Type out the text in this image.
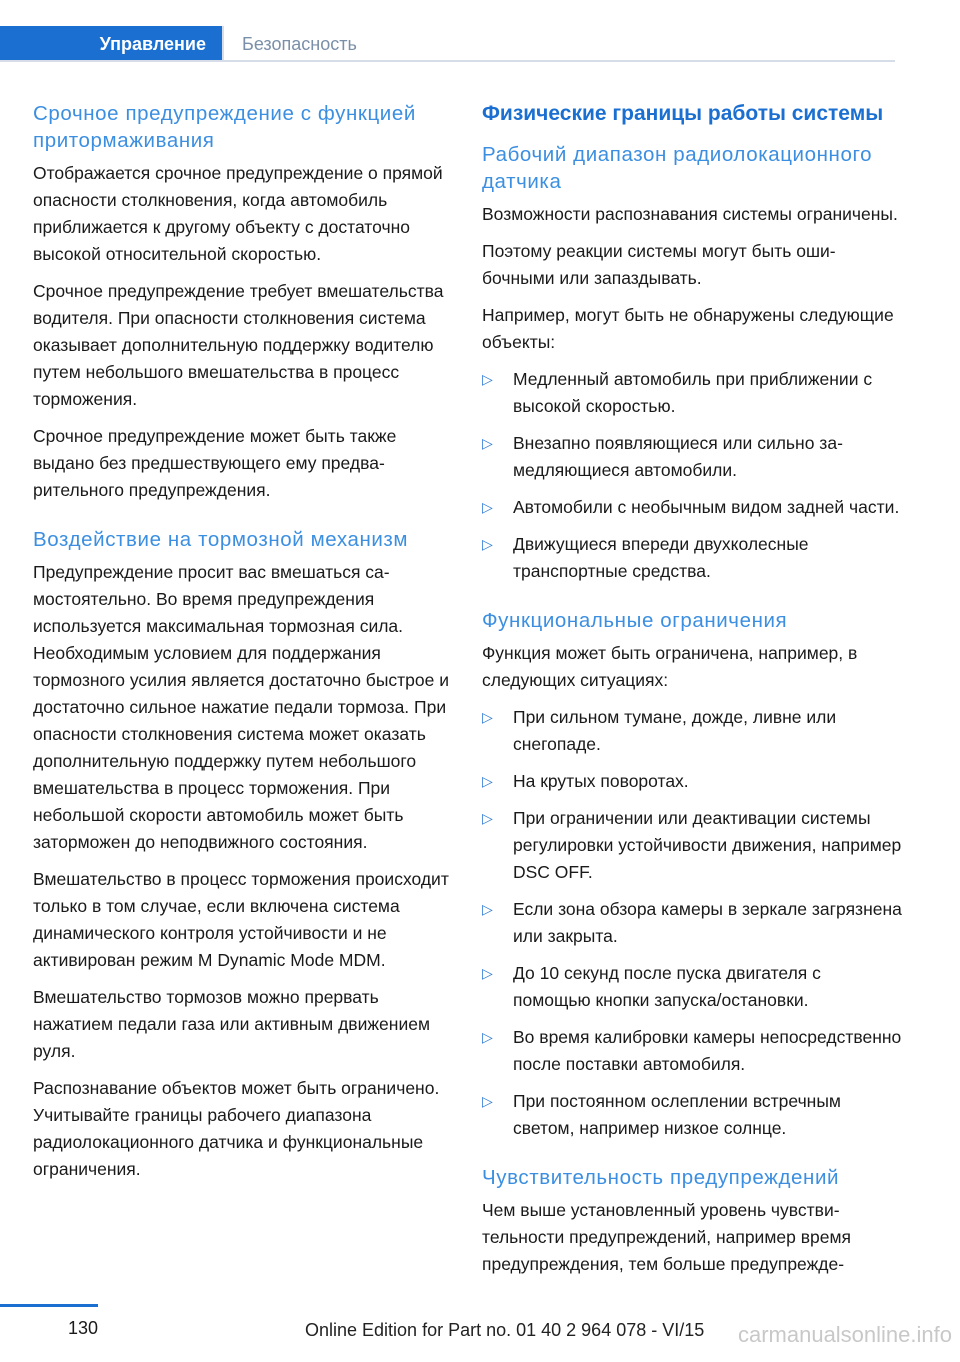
Управление	Безопасность
Срочное предупреждение с функцией притормаживания

Отображается срочное предупреждение о прямой опасности столкновения, когда автомобиль приближается к другому объекту с достаточно высокой относительной скоростью.

Срочное предупреждение требует вмешательства водителя. При опасности столкновения система оказывает дополнительную поддержку водителю путем небольшого вмешательства в процесс торможения.

Срочное предупреждение может быть также выдано без предшествующего ему предварительного предупреждения.

Воздействие на тормозной механизм

Предупреждение просит вас вмешаться самостоятельно. Во время предупреждения используется максимальная тормозная сила. Необходимым условием для поддержания тормозного усилия является достаточно быстрое и достаточно сильное нажатие педали тормоза. При опасности столкновения система может оказать дополнительную поддержку путем небольшого вмешательства в процесс торможения. При небольшой скорости автомобиль может быть заторможен до неподвижного состояния.

Вмешательство в процесс торможения происходит только в том случае, если включена система динамического контроля устойчивости и не активирован режим M Dynamic Mode MDM.

Вмешательство тормозов можно прервать нажатием педали газа или активным движением руля.

Распознавание объектов может быть ограничено. Учитывайте границы рабочего диапазона радиолокационного датчика и функциональные ограничения.

Физические границы работы системы
Рабочий диапазон радиолокационного датчика

Возможности распознавания системы ограничены.

Поэтому реакции системы могут быть ошибочными или запаздывать.

Например, могут быть не обнаружены следующие объекты:

▷ Медленный автомобиль при приближении с высокой скоростью.
▷ Внезапно появляющиеся или сильно замедляющиеся автомобили.
▷ Автомобили с необычным видом задней части.
▷ Движущиеся впереди двухколесные транспортные средства.
Функциональные ограничения

Функция может быть ограничена, например, в следующих ситуациях:

▷ При сильном тумане, дожде, ливне или снегопаде.
▷ На крутых поворотах.
▷ При ограничении или деактивации системы регулировки устойчивости движения, например DSC OFF.
▷ Если зона обзора камеры в зеркале загрязнена или закрыта.
▷ До 10 секунд после пуска двигателя с помощью кнопки запуска/остановки.
▷ Во время калибровки камеры непосредственно после поставки автомобиля.
▷ При постоянном ослеплении встречным светом, например низкое солнце.
Чувствительность предупреждений

Чем выше установленный уровень чувствительности предупреждений, например время предупреждения, тем больше предупрежде-

130	Online Edition for Part no. 01 40 2 964 078 - VI/15 carmanualsonline.info
